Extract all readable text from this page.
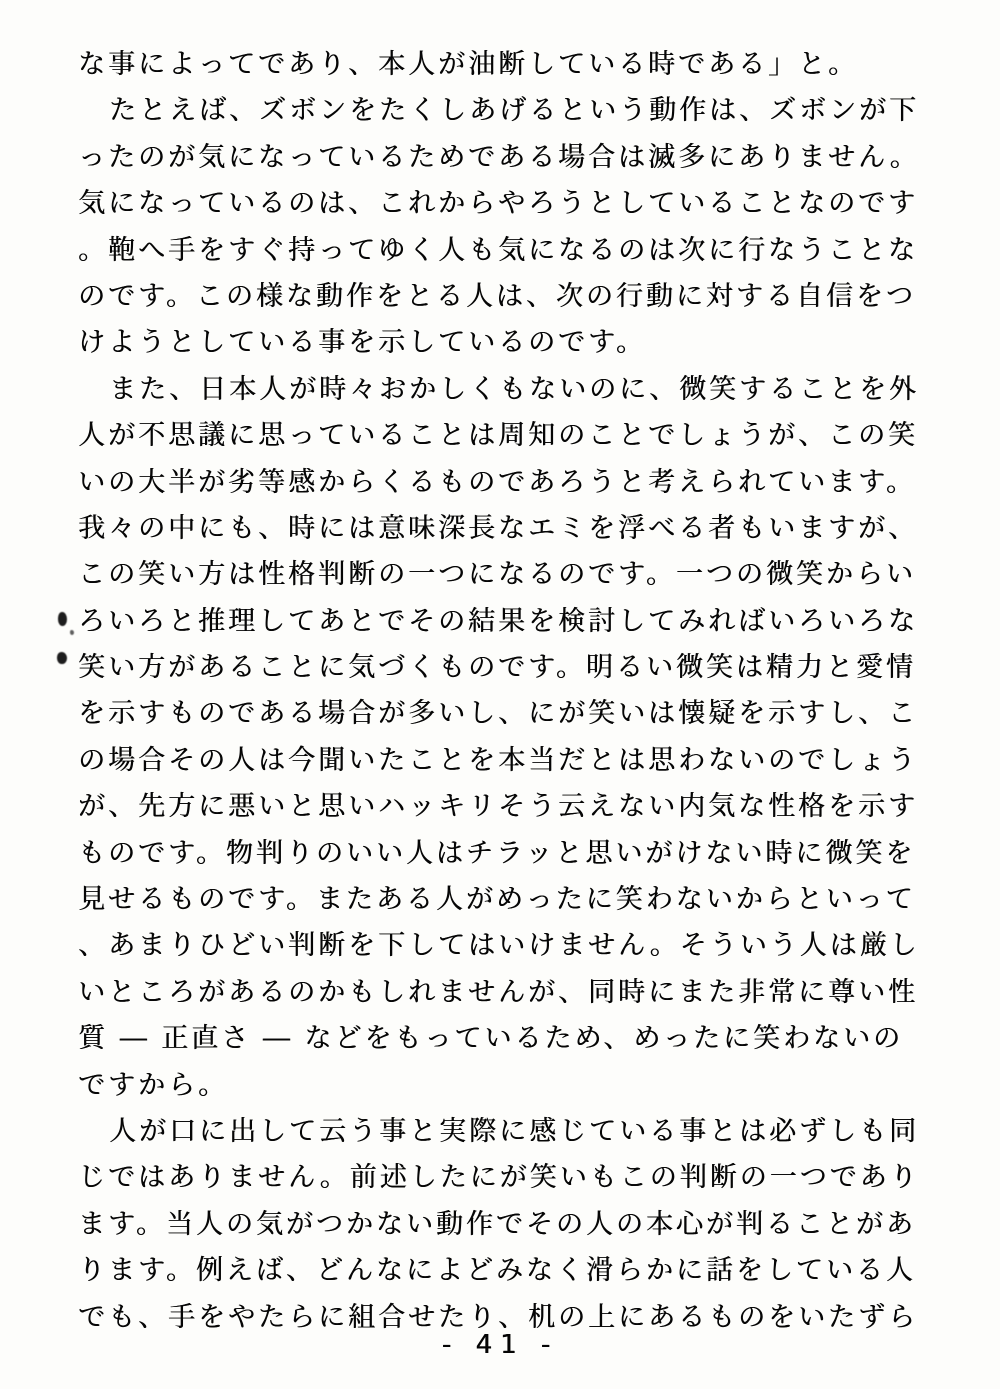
な事によってであり、本人が油断している時である」と。
たとえば、ズボンをたくしあげるという動作は、ズボンが下
ったのが気になっているためである場合は滅多にありません。
気になっているのは、これからやろうとしていることなのです
。鞄へ手をすぐ持ってゆく人も気になるのは次に行なうことな
のです。この様な動作をとる人は、次の行動に対する自信をつ
けようとしている事を示しているのです。
また、日本人が時々おかしくもないのに、微笑することを外
人が不思議に思っていることは周知のことでしょうが、この笑
いの大半が劣等感からくるものであろうと考えられています。
我々の中にも、時には意味深長なエミを浮べる者もいますが、
この笑い方は性格判断の一つになるのです。一つの微笑からい
ろいろと推理してあとでその結果を検討してみればいろいろな
笑い方があることに気づくものです。明るい微笑は精力と愛情
を示すものである場合が多いし、にが笑いは懐疑を示すし、こ
の場合その人は今聞いたことを本当だとは思わないのでしょう
が、先方に悪いと思いハッキリそう云えない内気な性格を示す
ものです。物判りのいい人はチラッと思いがけない時に微笑を
見せるものです。またある人がめったに笑わないからといって
、あまりひどい判断を下してはいけません。そういう人は厳し
いところがあるのかもしれませんが、同時にまた非常に尊い性
質 ― 正直さ ― などをもっているため、めったに笑わないの
ですから。
人が口に出して云う事と実際に感じている事とは必ずしも同
じではありません。前述したにが笑いもこの判断の一つであり
ます。当人の気がつかない動作でその人の本心が判ることがあ
ります。例えば、どんなによどみなく滑らかに話をしている人
でも、手をやたらに組合せたり、机の上にあるものをいたずら
- 41 -
